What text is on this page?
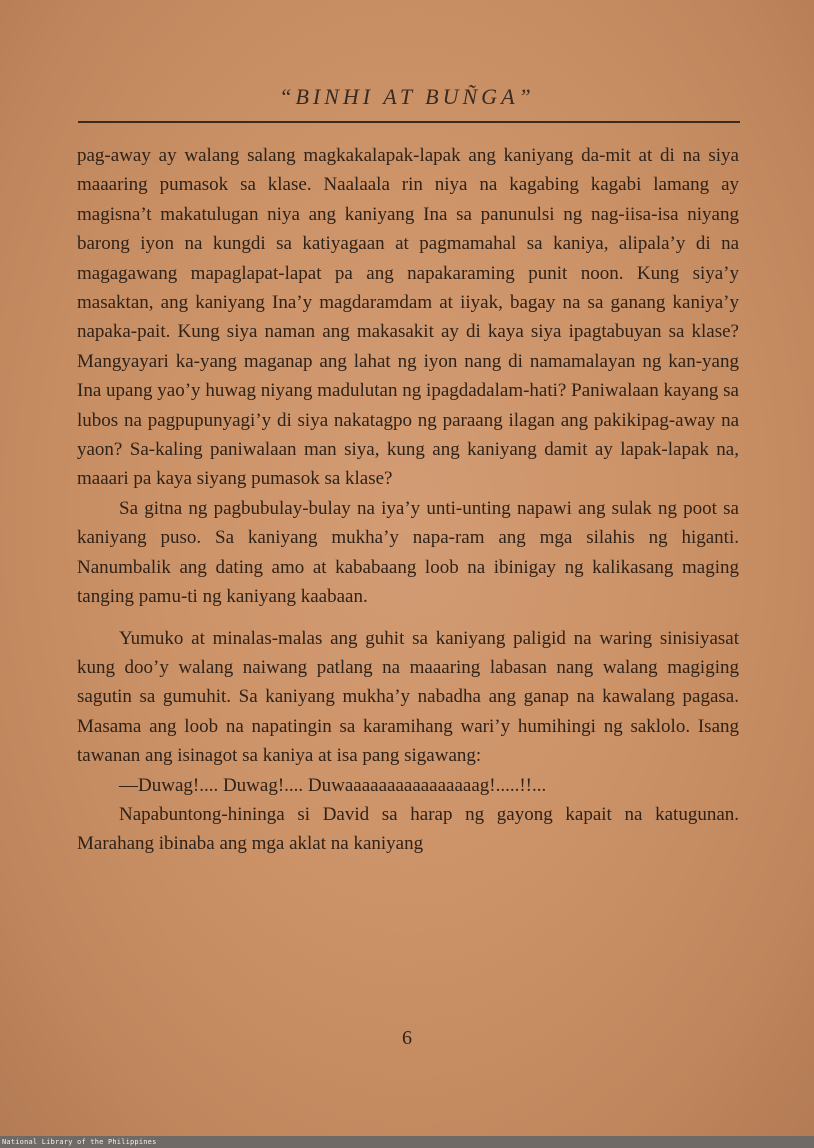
“BINHI AT BUÑGA”

pag-away ay walang salang magkakalapak-lapak ang kaniyang da-mit at di na siya maaaring pumasok sa klase. Naalaala rin niya na kagabing kagabi lamang ay magisna’t makatulugan niya ang kaniyang Ina sa panunulsi ng nag-iisa-isa niyang barong iyon na kungdi sa katiyagaan at pagmamahal sa kaniya, alipala’y di na magagawang mapaglapat-lapat pa ang napakaraming punit noon. Kung siya’y masaktan, ang kaniyang Ina’y magdaramdam at iiyak, bagay na sa ganang kaniya’y napaka-pait. Kung siya naman ang makasakit ay di kaya siya ipagtabuyan sa klase? Mangyayari ka-yang maganap ang lahat ng iyon nang di namamalayan ng kan-yang Ina upang yao’y huwag niyang madulutan ng ipagdadalam-hati? Paniwalaan kayang sa lubos na pagpupunyagi’y di siya nakatagpo ng paraang ilagan ang pakikipag-away na yaon? Sa-kaling paniwalaan man siya, kung ang kaniyang damit ay lapak-lapak na, maaari pa kaya siyang pumasok sa klase?

Sa gitna ng pagbubulay-bulay na iya’y unti-unting napawi ang sulak ng poot sa kaniyang puso. Sa kaniyang mukha’y napa-ram ang mga silahis ng higanti. Nanumbalik ang dating amo at kababaang loob na ibinigay ng kalikasang maging tanging pamu-ti ng kaniyang kaabaan.

Yumuko at minalas-malas ang guhit sa kaniyang paligid na waring sinisiyasat kung doo’y walang naiwang patlang na maaaring labasan nang walang magiging sagutin sa gumuhit. Sa kaniyang mukha’y nabadha ang ganap na kawalang pagasa. Masama ang loob na napatingin sa karamihang wari’y humihingi ng saklolo. Isang tawanan ang isinagot sa kaniya at isa pang sigawang:

—Duwag!.... Duwag!.... Duwaaaaaaaaaaaaaaaag!.....!!...

Napabuntong-hininga si David sa harap ng gayong kapait na katugunan. Marahang ibinaba ang mga aklat na kaniyang

6
National Library of the Philippines
